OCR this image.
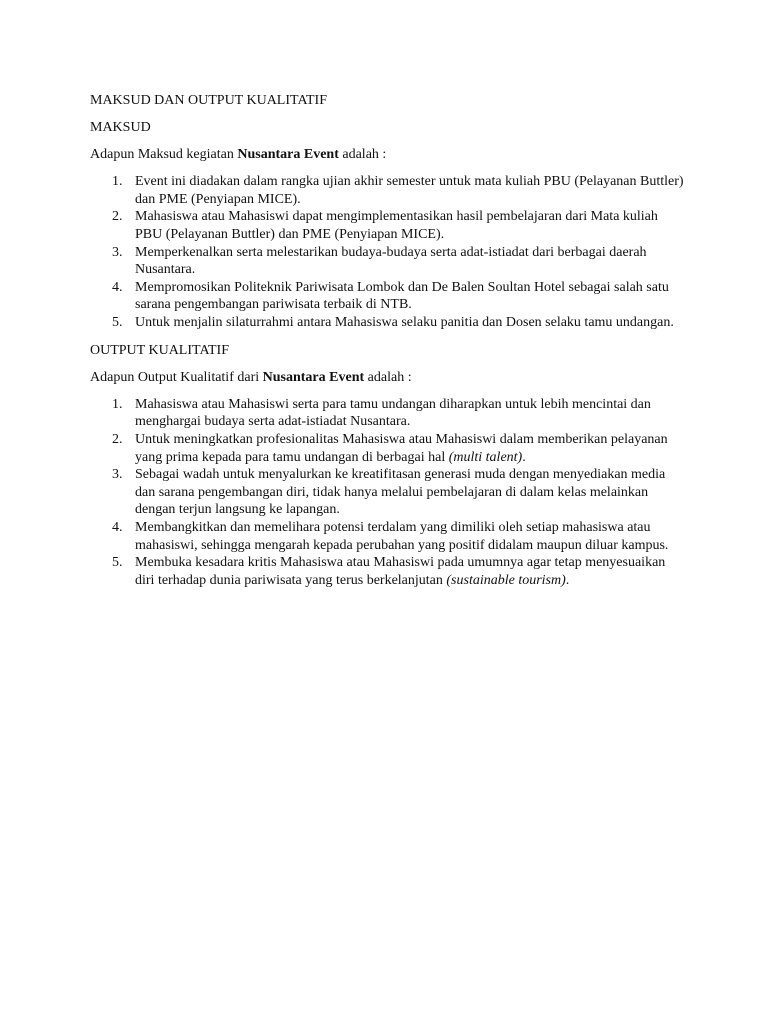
MAKSUD DAN OUTPUT KUALITATIF

MAKSUD

Adapun Maksud kegiatan Nusantara Event adalah :

1. Event ini diadakan dalam rangka ujian akhir semester untuk mata kuliah PBU (Pelayanan Buttler)
dan PME (Penyiapan MICE).
2. Mahasiswa atau Mahasiswi dapat mengimplementasikan hasil pembelajaran dari Mata kuliah
PBU (Pelayanan Buttler) dan PME (Penyiapan MICE).
3. Memperkenalkan serta melestarikan budaya-budaya serta adat-istiadat dari berbagai daerah
Nusantara.
4. Mempromosikan Politeknik Pariwisata Lombok dan De Balen Soultan Hotel sebagai salah satu
sarana pengembangan pariwisata terbaik di NTB.
5. Untuk menjalin silaturrahmi antara Mahasiswa selaku panitia dan Dosen selaku tamu undangan.

OUTPUT KUALITATIF

Adapun Output Kualitatif dari Nusantara Event adalah :

1. Mahasiswa atau Mahasiswi serta para tamu undangan diharapkan untuk lebih mencintai dan
menghargai budaya serta adat-istiadat Nusantara.
2. Untuk meningkatkan profesionalitas Mahasiswa atau Mahasiswi dalam memberikan pelayanan
yang prima kepada para tamu undangan di berbagai hal (multi talent).
3. Sebagai wadah untuk menyalurkan ke kreatifitasan generasi muda dengan menyediakan media
dan sarana pengembangan diri, tidak hanya melalui pembelajaran di dalam kelas melainkan
dengan terjun langsung ke lapangan.
4. Membangkitkan dan memelihara potensi terdalam yang dimiliki oleh setiap mahasiswa atau
mahasiswi, sehingga mengarah kepada perubahan yang positif didalam maupun diluar kampus.
5. Membuka kesadara kritis Mahasiswa atau Mahasiswi pada umumnya agar tetap menyesuaikan
diri terhadap dunia pariwisata yang terus berkelanjutan (sustainable tourism).
